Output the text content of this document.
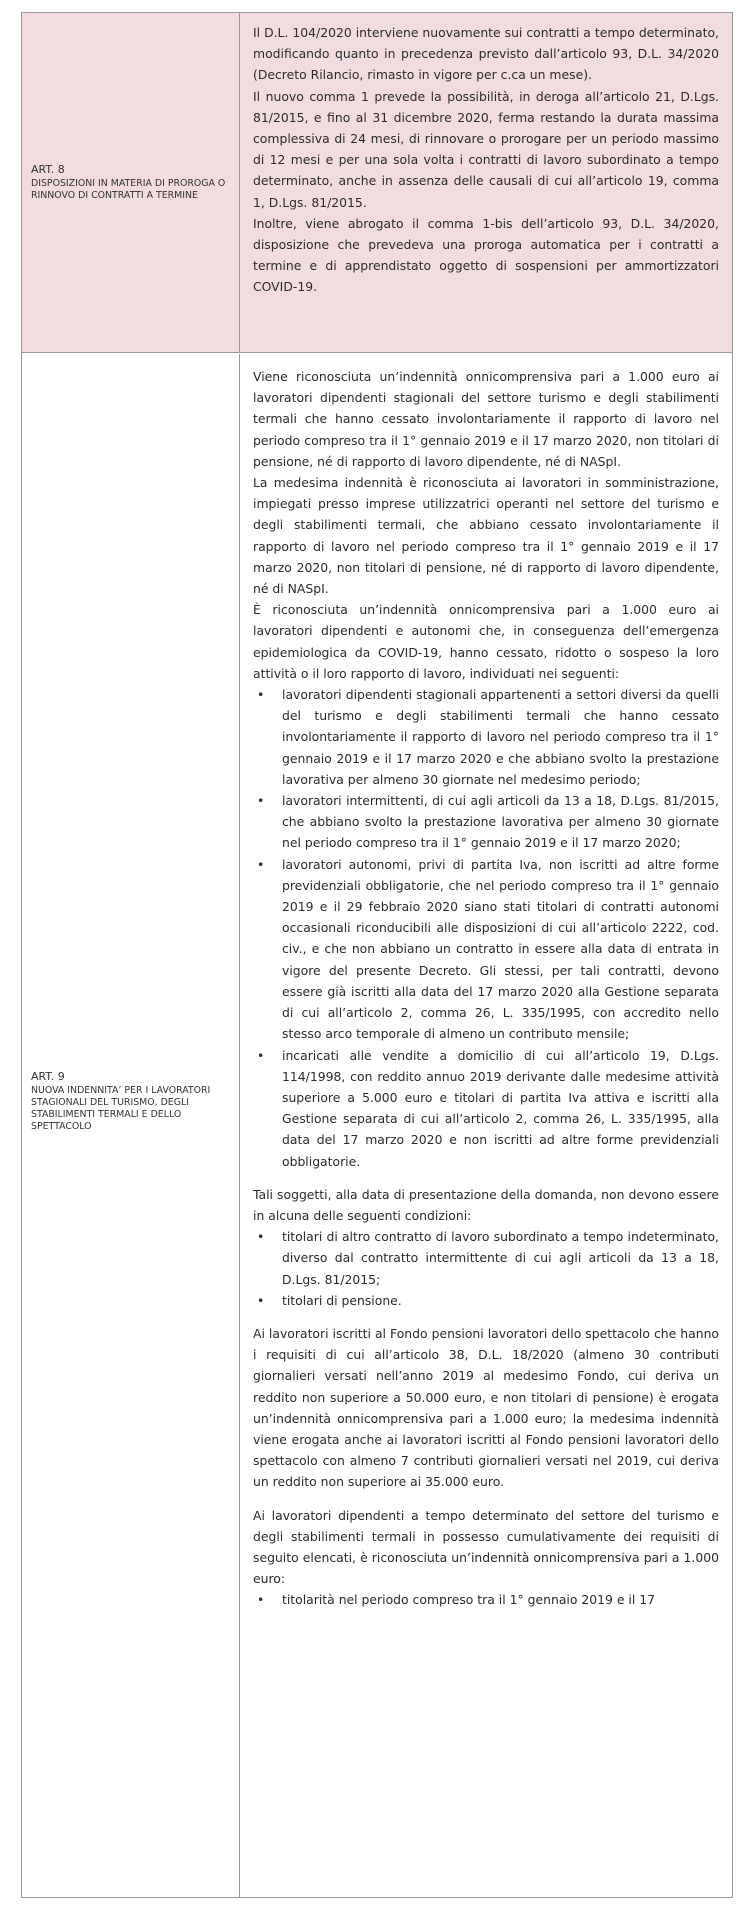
ART. 8
DISPOSIZIONI IN MATERIA DI PROROGA O RINNOVO DI CONTRATTI A TERMINE

Il D.L. 104/2020 interviene nuovamente sui contratti a tempo determinato, modificando quanto in precedenza previsto dall’articolo 93, D.L. 34/2020 (Decreto Rilancio, rimasto in vigore per c.ca un mese).

Il nuovo comma 1 prevede la possibilità, in deroga all’articolo 21, D.Lgs. 81/2015, e fino al 31 dicembre 2020, ferma restando la durata massima complessiva di 24 mesi, di rinnovare o prorogare per un periodo massimo di 12 mesi e per una sola volta i contratti di lavoro subordinato a tempo determinato, anche in assenza delle causali di cui all’articolo 19, comma 1, D.Lgs. 81/2015.

Inoltre, viene abrogato il comma 1-bis dell’articolo 93, D.L. 34/2020, disposizione che prevedeva una proroga automatica per i contratti a termine e di apprendistato oggetto di sospensioni per ammortizzatori COVID-19.

ART. 9
NUOVA INDENNITA’ PER I LAVORATORI STAGIONALI DEL TURISMO, DEGLI STABILIMENTI TERMALI E DELLO SPETTACOLO

Viene riconosciuta un’indennità onnicomprensiva pari a 1.000 euro ai lavoratori dipendenti stagionali del settore turismo e degli stabilimenti termali che hanno cessato involontariamente il rapporto di lavoro nel periodo compreso tra il 1° gennaio 2019 e il 17 marzo 2020, non titolari di pensione, né di rapporto di lavoro dipendente, né di NASpI.

La medesima indennità è riconosciuta ai lavoratori in somministrazione, impiegati presso imprese utilizzatrici operanti nel settore del turismo e degli stabilimenti termali, che abbiano cessato involontariamente il rapporto di lavoro nel periodo compreso tra il 1° gennaio 2019 e il 17 marzo 2020, non titolari di pensione, né di rapporto di lavoro dipendente, né di NASpI.

È riconosciuta un’indennità onnicomprensiva pari a 1.000 euro ai lavoratori dipendenti e autonomi che, in conseguenza dell’emergenza epidemiologica da COVID-19, hanno cessato, ridotto o sospeso la loro attività o il loro rapporto di lavoro, individuati nei seguenti:

• lavoratori dipendenti stagionali appartenenti a settori diversi da quelli del turismo e degli stabilimenti termali che hanno cessato involontariamente il rapporto di lavoro nel periodo compreso tra il 1° gennaio 2019 e il 17 marzo 2020 e che abbiano svolto la prestazione lavorativa per almeno 30 giornate nel medesimo periodo;
• lavoratori intermittenti, di cui agli articoli da 13 a 18, D.Lgs. 81/2015, che abbiano svolto la prestazione lavorativa per almeno 30 giornate nel periodo compreso tra il 1° gennaio 2019 e il 17 marzo 2020;
• lavoratori autonomi, privi di partita Iva, non iscritti ad altre forme previdenziali obbligatorie, che nel periodo compreso tra il 1° gennaio 2019 e il 29 febbraio 2020 siano stati titolari di contratti autonomi occasionali riconducibili alle disposizioni di cui all’articolo 2222, cod. civ., e che non abbiano un contratto in essere alla data di entrata in vigore del presente Decreto. Gli stessi, per tali contratti, devono essere già iscritti alla data del 17 marzo 2020 alla Gestione separata di cui all’articolo 2, comma 26, L. 335/1995, con accredito nello stesso arco temporale di almeno un contributo mensile;
• incaricati alle vendite a domicilio di cui all’articolo 19, D.Lgs. 114/1998, con reddito annuo 2019 derivante dalle medesime attività superiore a 5.000 euro e titolari di partita Iva attiva e iscritti alla Gestione separata di cui all’articolo 2, comma 26, L. 335/1995, alla data del 17 marzo 2020 e non iscritti ad altre forme previdenziali obbligatorie.

Tali soggetti, alla data di presentazione della domanda, non devono essere in alcuna delle seguenti condizioni:

• titolari di altro contratto di lavoro subordinato a tempo indeterminato, diverso dal contratto intermittente di cui agli articoli da 13 a 18, D.Lgs. 81/2015;
• titolari di pensione.

Ai lavoratori iscritti al Fondo pensioni lavoratori dello spettacolo che hanno i requisiti di cui all’articolo 38, D.L. 18/2020 (almeno 30 contributi giornalieri versati nell’anno 2019 al medesimo Fondo, cui deriva un reddito non superiore a 50.000 euro, e non titolari di pensione) è erogata un’indennità onnicomprensiva pari a 1.000 euro; la medesima indennità viene erogata anche ai lavoratori iscritti al Fondo pensioni lavoratori dello spettacolo con almeno 7 contributi giornalieri versati nel 2019, cui deriva un reddito non superiore ai 35.000 euro.

Ai lavoratori dipendenti a tempo determinato del settore del turismo e degli stabilimenti termali in possesso cumulativamente dei requisiti di seguito elencati, è riconosciuta un’indennità onnicomprensiva pari a 1.000 euro:

• titolarità nel periodo compreso tra il 1° gennaio 2019 e il 17
